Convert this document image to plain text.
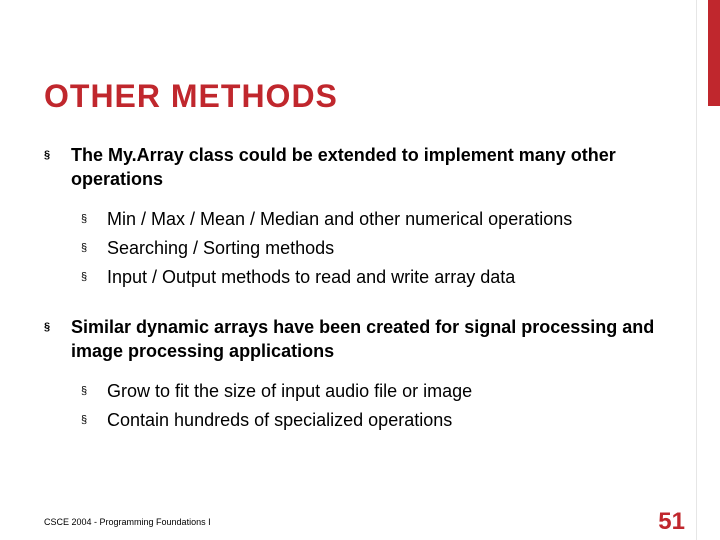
OTHER METHODS
§ The My.Array class could be extended to implement many other operations
§ Min / Max / Mean / Median and other numerical operations
§ Searching / Sorting methods
§ Input / Output methods to read and write array data
§ Similar dynamic arrays have been created for signal processing and image processing applications
§ Grow to fit the size of input audio file or image
§ Contain hundreds of specialized operations
CSCE 2004 - Programming Foundations I	51
